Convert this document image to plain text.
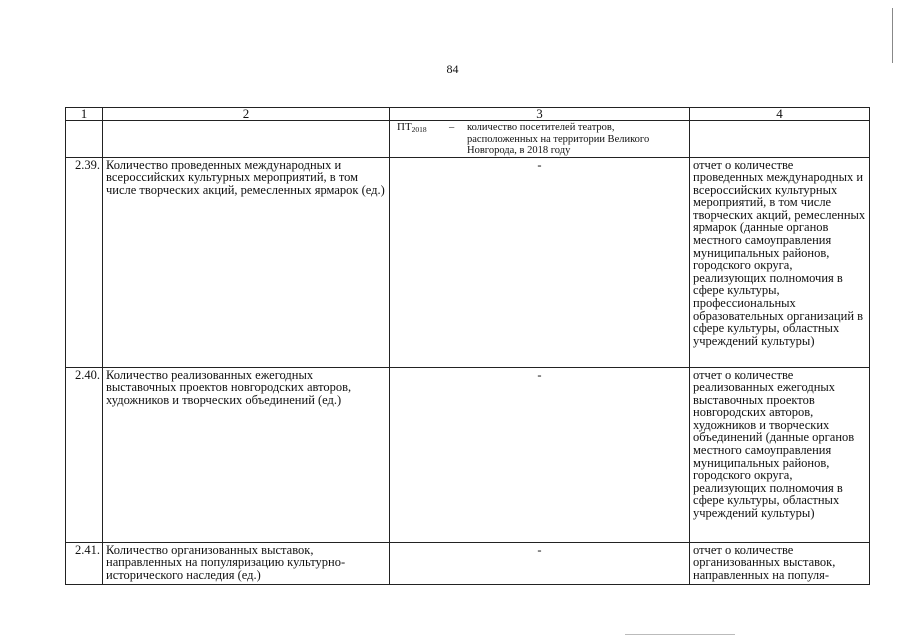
84
1	2	3	4

		$ПТ_{2018}$ – количество посетителей театров, расположенных на территории Великого Новгорода, в 2018 году	

2.39.	Количество проведенных международных и всероссийских культурных мероприятий, в том числе творческих акций, ремесленных ярмарок (ед.)	-	отчет о количестве проведенных международных и всероссийских культурных мероприятий, в том числе творческих акций, ремесленных ярмарок (данные органов местного самоуправления муниципальных районов, городского округа, реализующих полномочия в сфере культуры, профессиональных образовательных организаций в сфере культуры, областных учреждений культуры)
2.40.	Количество реализованных ежегодных выставочных проектов новгородских авторов, художников и творческих объединений (ед.)	-	отчет о количестве реализованных ежегодных выставочных проектов новгородских авторов, художников и творческих объединений (данные органов местного самоуправления муниципальных районов, городского округа, реализующих полномочия в сфере культуры, областных учреждений культуры)
2.41.	Количество организованных выставок, направленных на популяризацию культурно-исторического наследия (ед.)	-	отчет о количестве организованных выставок, направленных на популя-
